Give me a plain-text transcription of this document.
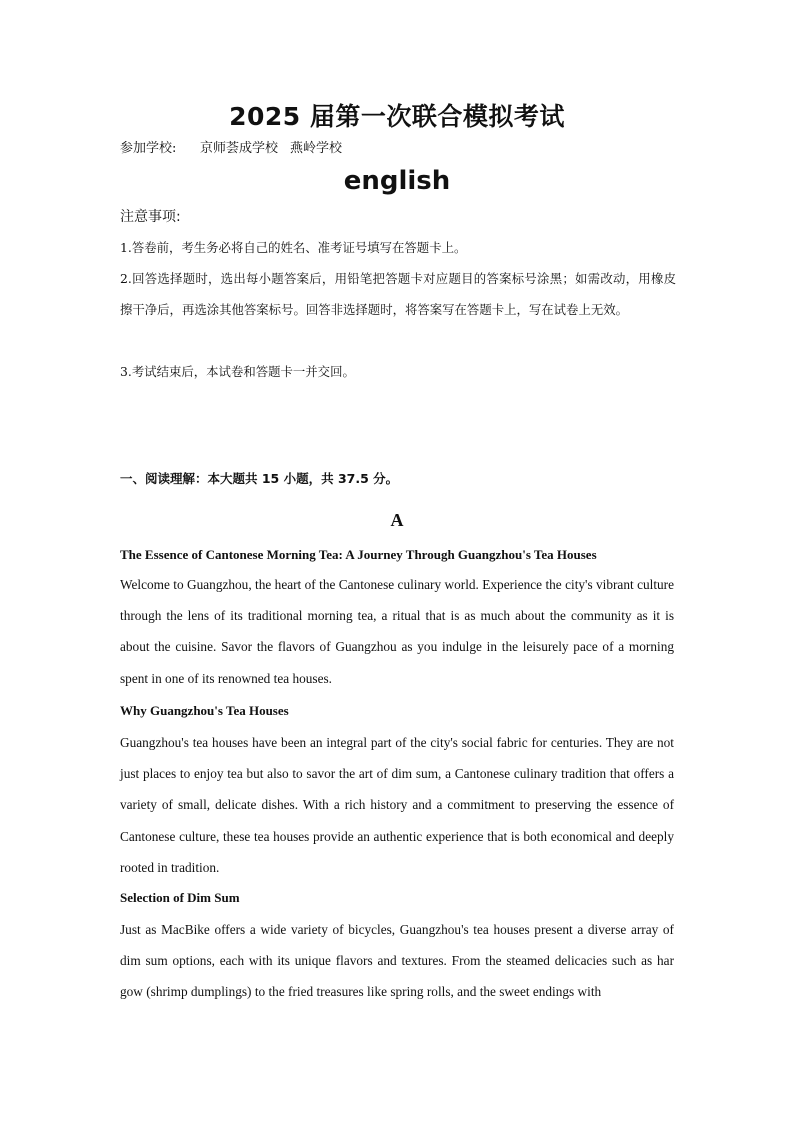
2025 届第一次联合模拟考试
参加学校: 京师荟成学校 燕岭学校
english
注意事项:

1.答卷前，考生务必将自己的姓名、准考证号填写在答题卡上。

2.回答选择题时，选出每小题答案后，用铅笔把答题卡对应题目的答案标号涂黑；如需改动，用橡皮擦干净后，再选涂其他答案标号。回答非选择题时，将答案写在答题卡上，写在试卷上无效。

3.考试结束后，本试卷和答题卡一并交回。

一、阅读理解：本大题共 15 小题，共 37.5 分。
A
The Essence of Cantonese Morning Tea: A Journey Through Guangzhou's Tea Houses

Welcome to Guangzhou, the heart of the Cantonese culinary world. Experience the city's vibrant culture through the lens of its traditional morning tea, a ritual that is as much about the community as it is about the cuisine. Savor the flavors of Guangzhou as you indulge in the leisurely pace of a morning spent in one of its renowned tea houses.

Why Guangzhou's Tea Houses

Guangzhou's tea houses have been an integral part of the city's social fabric for centuries. They are not just places to enjoy tea but also to savor the art of dim sum, a Cantonese culinary tradition that offers a variety of small, delicate dishes. With a rich history and a commitment to preserving the essence of Cantonese culture, these tea houses provide an authentic experience that is both economical and deeply rooted in tradition.

Selection of Dim Sum

Just as MacBike offers a wide variety of bicycles, Guangzhou's tea houses present a diverse array of dim sum options, each with its unique flavors and textures. From the steamed delicacies such as har gow (shrimp dumplings) to the fried treasures like spring rolls, and the sweet endings with
